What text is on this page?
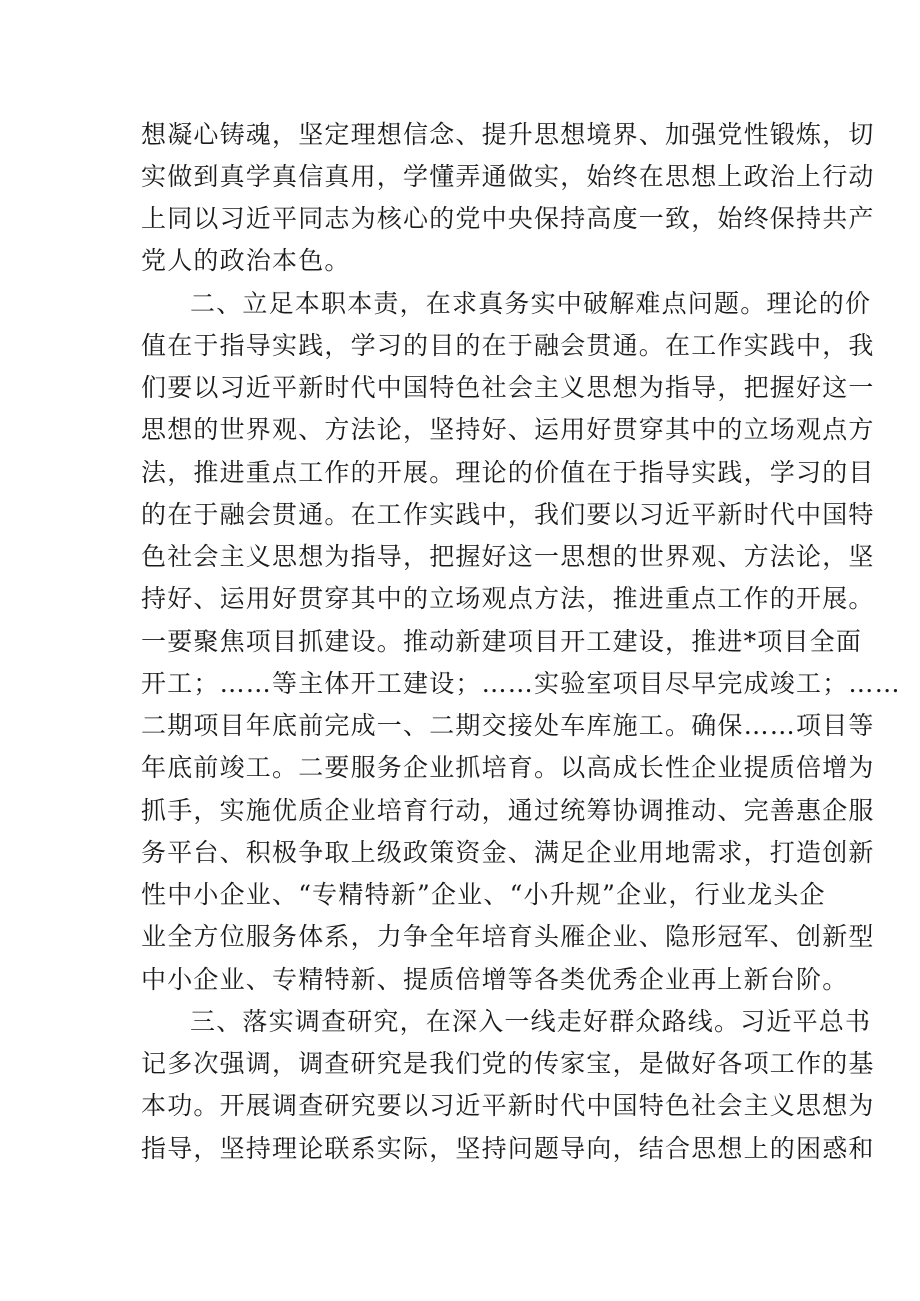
想凝心铸魂，坚定理想信念、提升思想境界、加强党性锻炼，切

实做到真学真信真用，学懂弄通做实，始终在思想上政治上行动

上同以习近平同志为核心的党中央保持高度一致，始终保持共产

党人的政治本色。

二、立足本职本责，在求真务实中破解难点问题。理论的价

值在于指导实践，学习的目的在于融会贯通。在工作实践中，我

们要以习近平新时代中国特色社会主义思想为指导，把握好这一

思想的世界观、方法论，坚持好、运用好贯穿其中的立场观点方

法，推进重点工作的开展。理论的价值在于指导实践，学习的目

的在于融会贯通。在工作实践中，我们要以习近平新时代中国特

色社会主义思想为指导，把握好这一思想的世界观、方法论，坚

持好、运用好贯穿其中的立场观点方法，推进重点工作的开展。

一要聚焦项目抓建设。推动新建项目开工建设，推进*项目全面

开工；……等主体开工建设；……实验室项目尽早完成竣工；……

二期项目年底前完成一、二期交接处车库施工。确保……项目等

年底前竣工。二要服务企业抓培育。以高成长性企业提质倍增为

抓手，实施优质企业培育行动，通过统筹协调推动、完善惠企服

务平台、积极争取上级政策资金、满足企业用地需求，打造创新

性中小企业、“专精特新”企业、“小升规”企业，行业龙头企

业全方位服务体系，力争全年培育头雁企业、隐形冠军、创新型

中小企业、专精特新、提质倍增等各类优秀企业再上新台阶。

三、落实调查研究，在深入一线走好群众路线。习近平总书

记多次强调，调查研究是我们党的传家宝，是做好各项工作的基

本功。开展调查研究要以习近平新时代中国特色社会主义思想为

指导，坚持理论联系实际，坚持问题导向，结合思想上的困惑和
